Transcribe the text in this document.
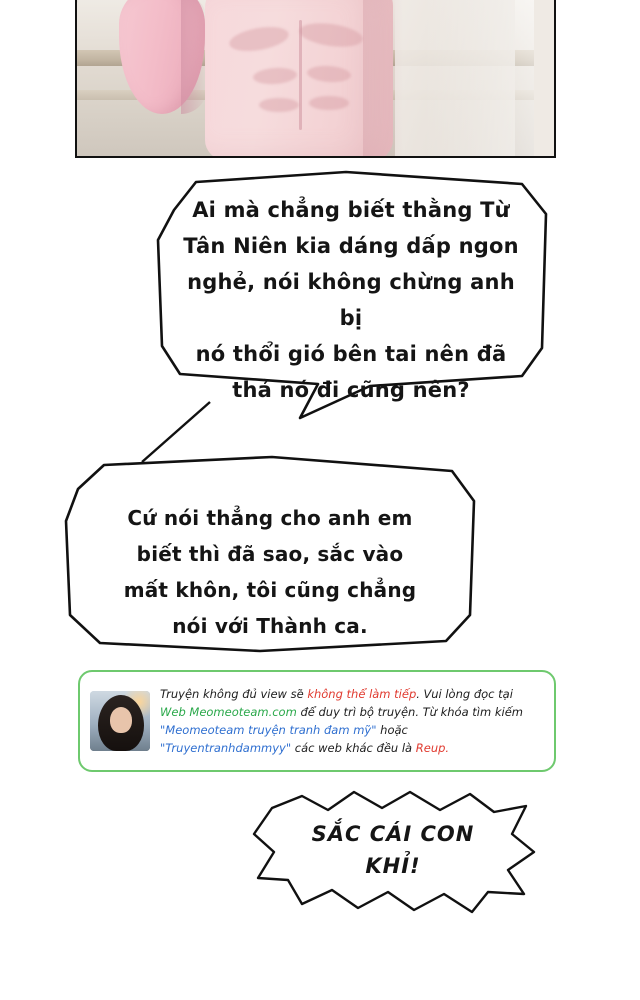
Ai mà chẳng biết thằng Từ
Tân Niên kia dáng dấp ngon
nghẻ, nói không chừng anh bị
nó thổi gió bên tai nên đã
thả nó đi cũng nên?
Cứ nói thẳng cho anh em
biết thì đã sao, sắc vào
mất khôn, tôi cũng chẳng
nói với Thành ca.
Truyện không đủ view sẽ không thể làm tiếp. Vui lòng đọc tại
Web Meomeoteam.com để duy trì bộ truyện. Từ khóa tìm kiếm
"Meomeoteam truyện tranh đam mỹ" hoặc
"Truyentranhdammyy" các web khác đều là Reup.
SẮC CÁI CON
KHỈ!
